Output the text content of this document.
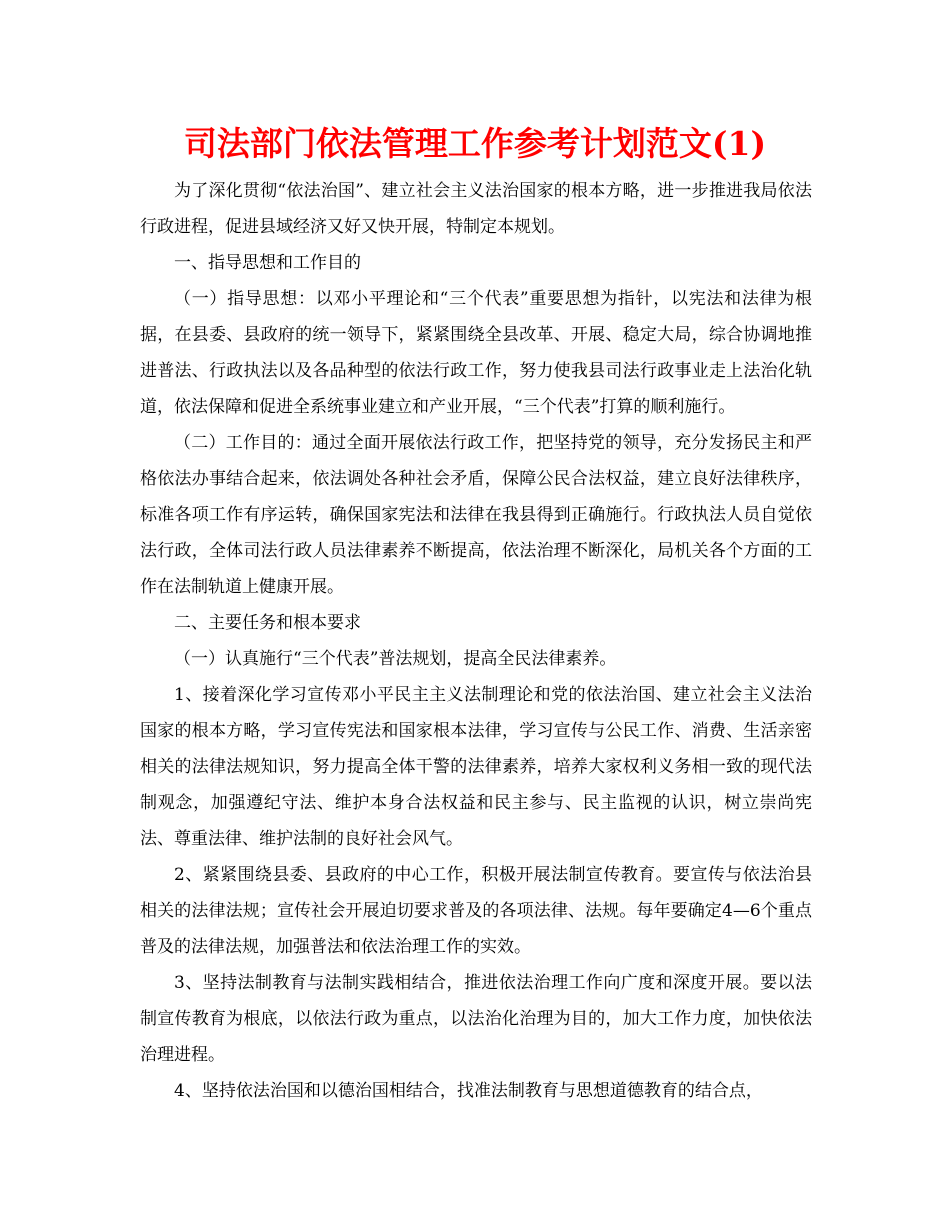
司法部门依法管理工作参考计划范文(1)

为了深化贯彻“依法治国”、建立社会主义法治国家的根本方略，进一步推进我局依法行政进程，促进县域经济又好又快开展，特制定本规划。

一、指导思想和工作目的

（一）指导思想：以邓小平理论和“三个代表”重要思想为指针，以宪法和法律为根据，在县委、县政府的统一领导下，紧紧围绕全县改革、开展、稳定大局，综合协调地推进普法、行政执法以及各品种型的依法行政工作，努力使我县司法行政事业走上法治化轨道，依法保障和促进全系统事业建立和产业开展，“三个代表”打算的顺利施行。

（二）工作目的：通过全面开展依法行政工作，把坚持党的领导，充分发扬民主和严格依法办事结合起来，依法调处各种社会矛盾，保障公民合法权益，建立良好法律秩序，标准各项工作有序运转，确保国家宪法和法律在我县得到正确施行。行政执法人员自觉依法行政，全体司法行政人员法律素养不断提高，依法治理不断深化，局机关各个方面的工作在法制轨道上健康开展。

二、主要任务和根本要求

（一）认真施行“三个代表”普法规划，提高全民法律素养。

1、接着深化学习宣传邓小平民主主义法制理论和党的依法治国、建立社会主义法治国家的根本方略，学习宣传宪法和国家根本法律，学习宣传与公民工作、消费、生活亲密相关的法律法规知识，努力提高全体干警的法律素养，培养大家权利义务相一致的现代法制观念，加强遵纪守法、维护本身合法权益和民主参与、民主监视的认识，树立崇尚宪法、尊重法律、维护法制的良好社会风气。

2、紧紧围绕县委、县政府的中心工作，积极开展法制宣传教育。要宣传与依法治县相关的法律法规；宣传社会开展迫切要求普及的各项法律、法规。每年要确定4—6个重点普及的法律法规，加强普法和依法治理工作的实效。

3、坚持法制教育与法制实践相结合，推进依法治理工作向广度和深度开展。要以法制宣传教育为根底，以依法行政为重点，以法治化治理为目的，加大工作力度，加快依法治理进程。

4、坚持依法治国和以德治国相结合，找准法制教育与思想道德教育的结合点，
